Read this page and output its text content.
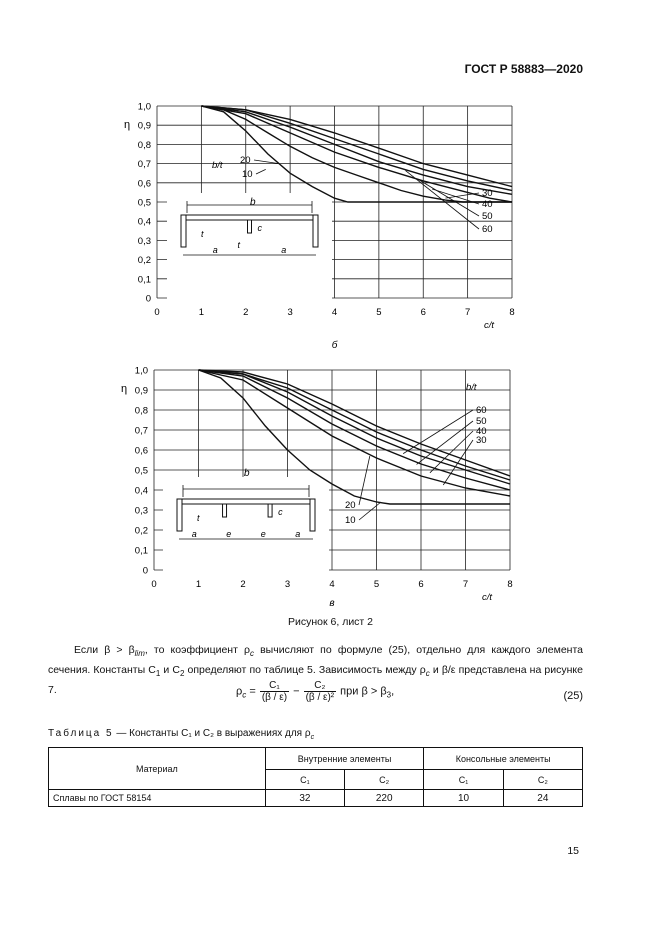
ГОСТ Р 58883—2020
0
0,1
0,2
0,3
0,4
0,5
0,6
0,7
0,8
0,9
1,0
0	1	2	3	4	5	6	7	8
η
c/t
b/t
60
50
40
30
20
10
b
t
t
c
a	a
б
0
0,1
0,2
0,3
0,4
0,5
0,6
0,7
0,8
0,9
1,0
0	1	2	3	4	5	6	7	8
η
c/t
b/t
60
50
40
30
20
10
b
t
c
a	e	e	a
в
Рисунок 6, лист 2
Если $\beta > \beta_{lim}$, то коэффициент $\rho_c$ вычисляют по формуле (25), отдельно для каждого элемента сечения. Константы $C_1$ и $C_2$ определяют по таблице 5. Зависимость между $\rho_c$ и β/ε представлена на рисунке 7.	$\rho_c = \frac{\text{C₁}}{(\beta / \varepsilon)} - \frac{\text{C₂}}{\text{(β / ε)²}}$ при $\beta > \beta_3$,	(25)
Таблица 5 — Константы C₁ и C₂ в выражениях для $\rho_c$
Материал	Внутренние элементы		Консольные элементы	
	C₁	C₂	C₁	C₂
Сплавы по ГОСТ 58154	32	220	10	24
15
